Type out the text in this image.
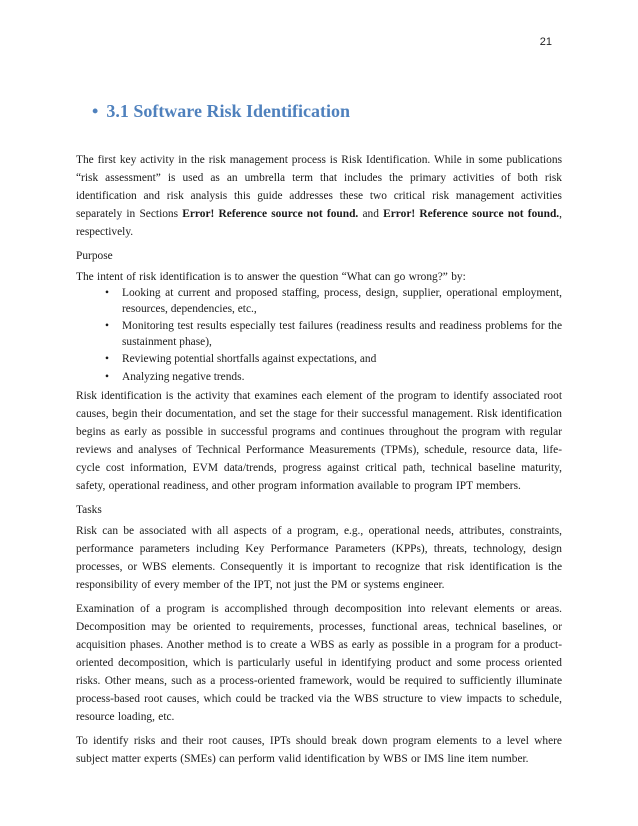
21
• 3.1 Software Risk Identification

The first key activity in the risk management process is Risk Identification. While in some publications “risk assessment” is used as an umbrella term that includes the primary activities of both risk identification and risk analysis this guide addresses these two critical risk management activities separately in Sections Error! Reference source not found. and Error! Reference source not found., respectively.

Purpose

The intent of risk identification is to answer the question “What can go wrong?” by:

• Looking at current and proposed staffing, process, design, supplier, operational employment, resources, dependencies, etc.,
• Monitoring test results especially test failures (readiness results and readiness problems for the sustainment phase),
• Reviewing potential shortfalls against expectations, and
• Analyzing negative trends.

Risk identification is the activity that examines each element of the program to identify associated root causes, begin their documentation, and set the stage for their successful management. Risk identification begins as early as possible in successful programs and continues throughout the program with regular reviews and analyses of Technical Performance Measurements (TPMs), schedule, resource data, life-cycle cost information, EVM data/trends, progress against critical path, technical baseline maturity, safety, operational readiness, and other program information available to program IPT members.

Tasks

Risk can be associated with all aspects of a program, e.g., operational needs, attributes, constraints, performance parameters including Key Performance Parameters (KPPs), threats, technology, design processes, or WBS elements. Consequently it is important to recognize that risk identification is the responsibility of every member of the IPT, not just the PM or systems engineer.

Examination of a program is accomplished through decomposition into relevant elements or areas. Decomposition may be oriented to requirements, processes, functional areas, technical baselines, or acquisition phases. Another method is to create a WBS as early as possible in a program for a product-oriented decomposition, which is particularly useful in identifying product and some process oriented risks. Other means, such as a process-oriented framework, would be required to sufficiently illuminate process-based root causes, which could be tracked via the WBS structure to view impacts to schedule, resource loading, etc.

To identify risks and their root causes, IPTs should break down program elements to a level where subject matter experts (SMEs) can perform valid identification by WBS or IMS line item number.
